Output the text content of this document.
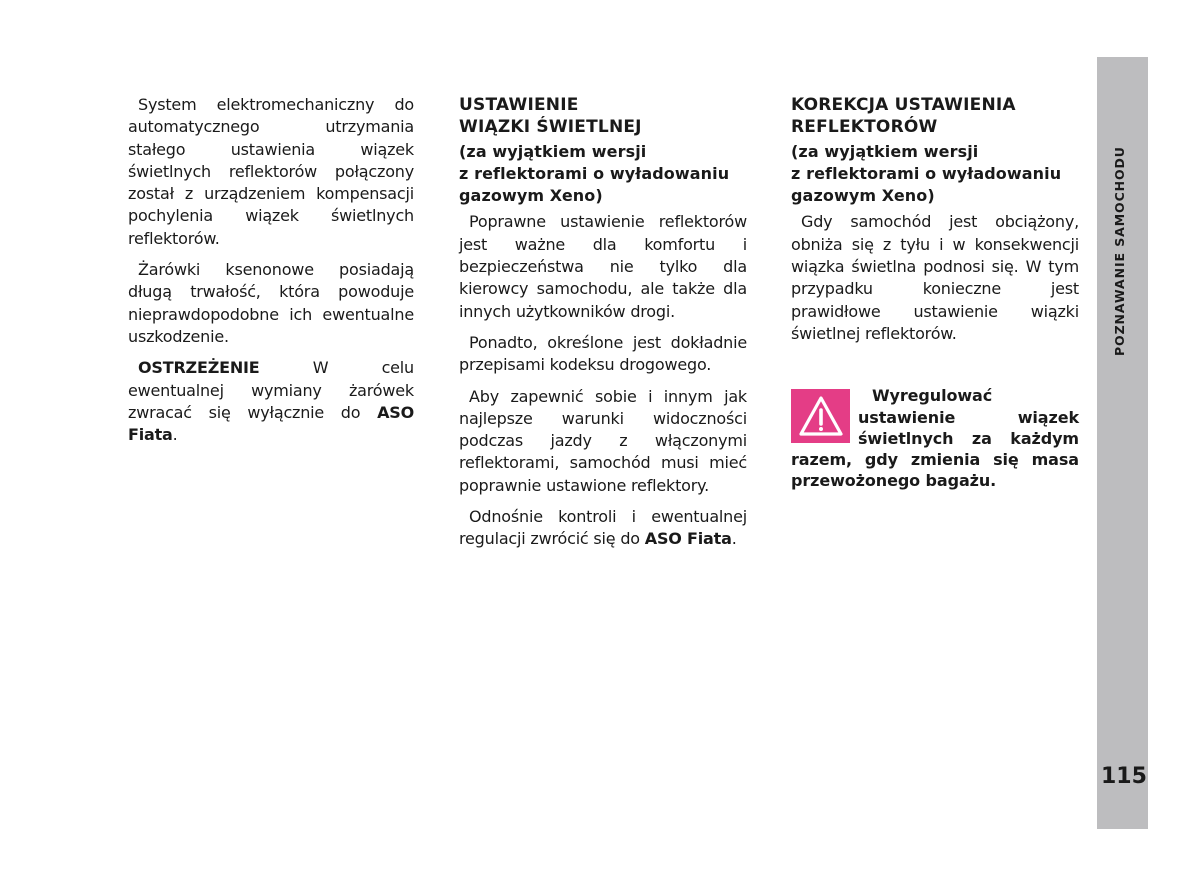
System elektromechaniczny do automatycznego utrzymania stałego ustawienia wiązek świetlnych reflektorów połączony został z urządzeniem kompensacji pochylenia wiązek świetlnych reflektorów.

Żarówki ksenonowe posiadają długą trwałość, która powoduje nieprawdopodobne ich ewentualne uszkodzenie.

OSTRZEŻENIE W celu ewentualnej wymiany żarówek zwracać się wyłącznie do ASO Fiata.

USTAWIENIE
WIĄZKI ŚWIETLNEJ
(za wyjątkiem wersji
z reflektorami o wyładowaniu
gazowym Xeno)

Poprawne ustawienie reflektorów jest ważne dla komfortu i bezpieczeństwa nie tylko dla kierowcy samochodu, ale także dla innych użytkowników drogi.

Ponadto, określone jest dokładnie przepisami kodeksu drogowego.

Aby zapewnić sobie i innym jak najlepsze warunki widoczności podczas jazdy z włączonymi reflektorami, samochód musi mieć poprawnie ustawione reflektory.

Odnośnie kontroli i ewentualnej regulacji zwrócić się do ASO Fiata.

KOREKCJA USTAWIENIA
REFLEKTORÓW
(za wyjątkiem wersji
z reflektorami o wyładowaniu
gazowym Xeno)

Gdy samochód jest obciążony, obniża się z tyłu i w konsekwencji wiązka świetlna podnosi się. W tym przypadku konieczne jest prawidłowe ustawienie wiązki świetlnej reflektorów.

Wyregulować ustawienie wiązek świetlnych za każdym razem, gdy zmienia się masa przewożonego bagażu.
POZNAWANIE SAMOCHODU
115
